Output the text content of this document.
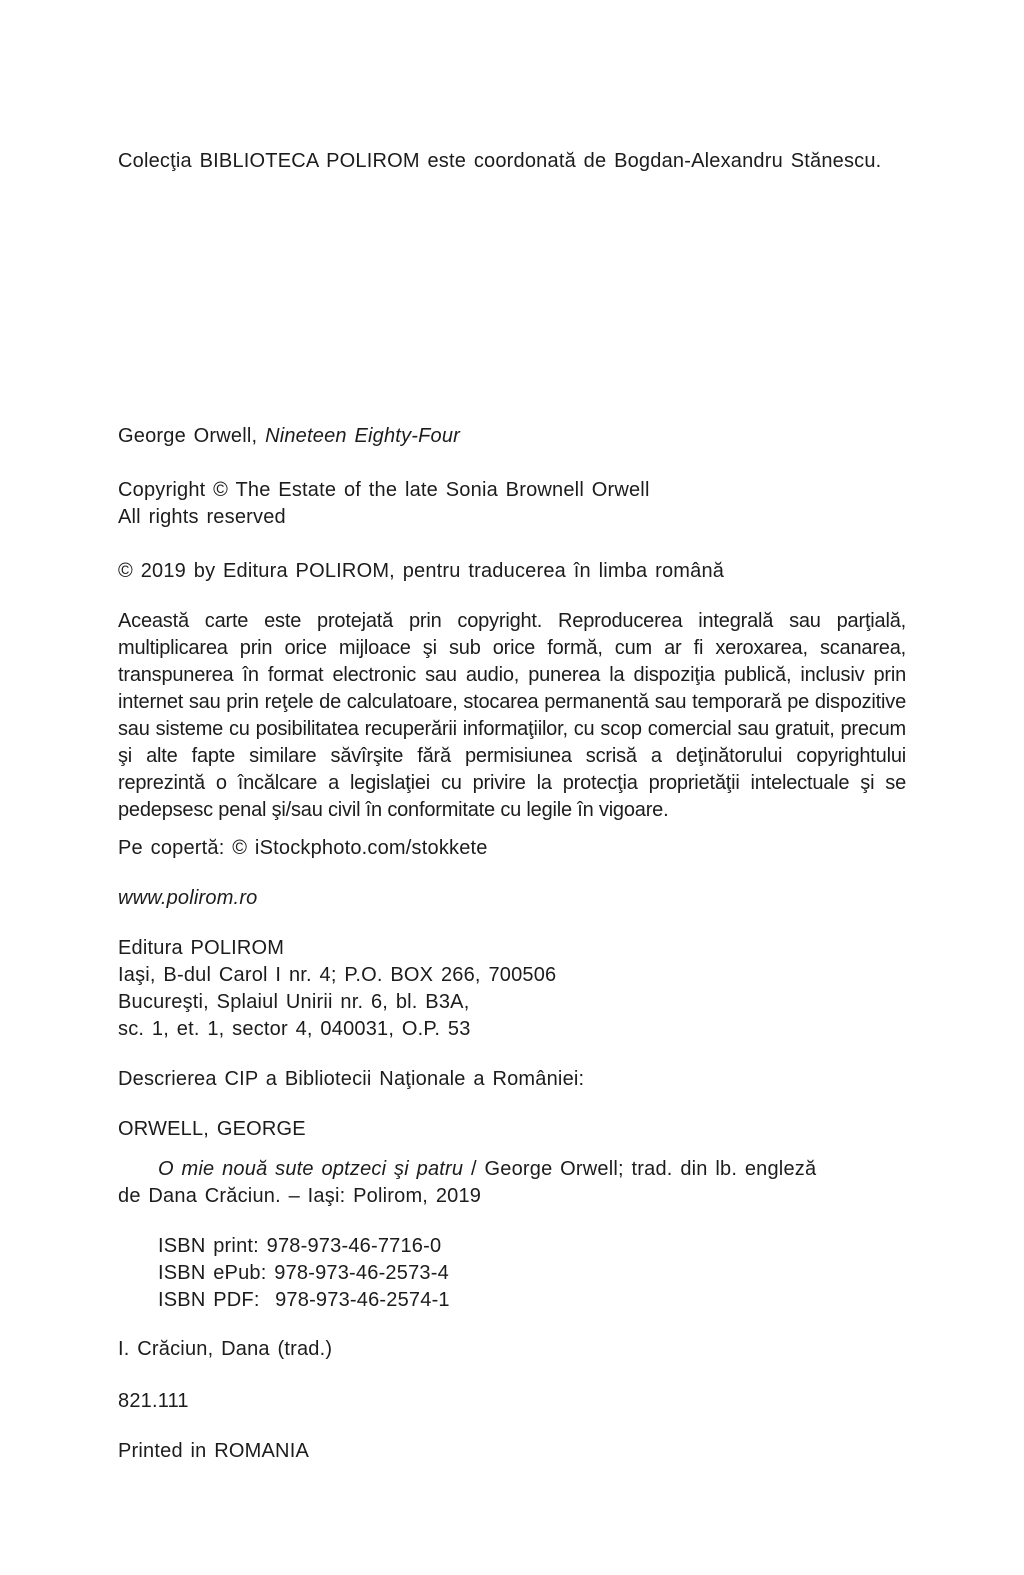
Colecţia BIBLIOTECA POLIROM este coordonată de Bogdan-Alexandru Stănescu.

George Orwell, Nineteen Eighty-Four

Copyright © The Estate of the late Sonia Brownell Orwell

All rights reserved

© 2019 by Editura POLIROM, pentru traducerea în limba română

Această carte este protejată prin copyright. Reproducerea integrală sau parţială, multiplicarea prin orice mijloace şi sub orice formă, cum ar fi xeroxarea, scanarea, transpunerea în format electronic sau audio, punerea la dispoziţia publică, inclusiv prin internet sau prin reţele de calculatoare, stocarea permanentă sau temporară pe dispozitive sau sisteme cu posibilitatea recuperării informaţiilor, cu scop comercial sau gratuit, precum şi alte fapte similare săvîrşite fără permisiunea scrisă a deţinătorului copyrightului reprezintă o încălcare a legislaţiei cu privire la protecţia proprietăţii intelectuale şi se pedepsesc penal şi/sau civil în conformitate cu legile în vigoare.

Pe copertă: © iStockphoto.com/stokkete

www.polirom.ro

Editura POLIROM

Iaşi, B-dul Carol I nr. 4; P.O. BOX 266, 700506

Bucureşti, Splaiul Unirii nr. 6, bl. B3A,

sc. 1, et. 1, sector 4, 040031, O.P. 53

Descrierea CIP a Bibliotecii Naţionale a României:

ORWELL, GEORGE

O mie nouă sute optzeci şi patru / George Orwell; trad. din lb. engleză

de Dana Crăciun. – Iaşi: Polirom, 2019

ISBN print: 978-973-46-7716-0

ISBN ePub: 978-973-46-2573-4

ISBN PDF:  978-973-46-2574-1

I. Crăciun, Dana (trad.)

821.111

Printed in ROMANIA
